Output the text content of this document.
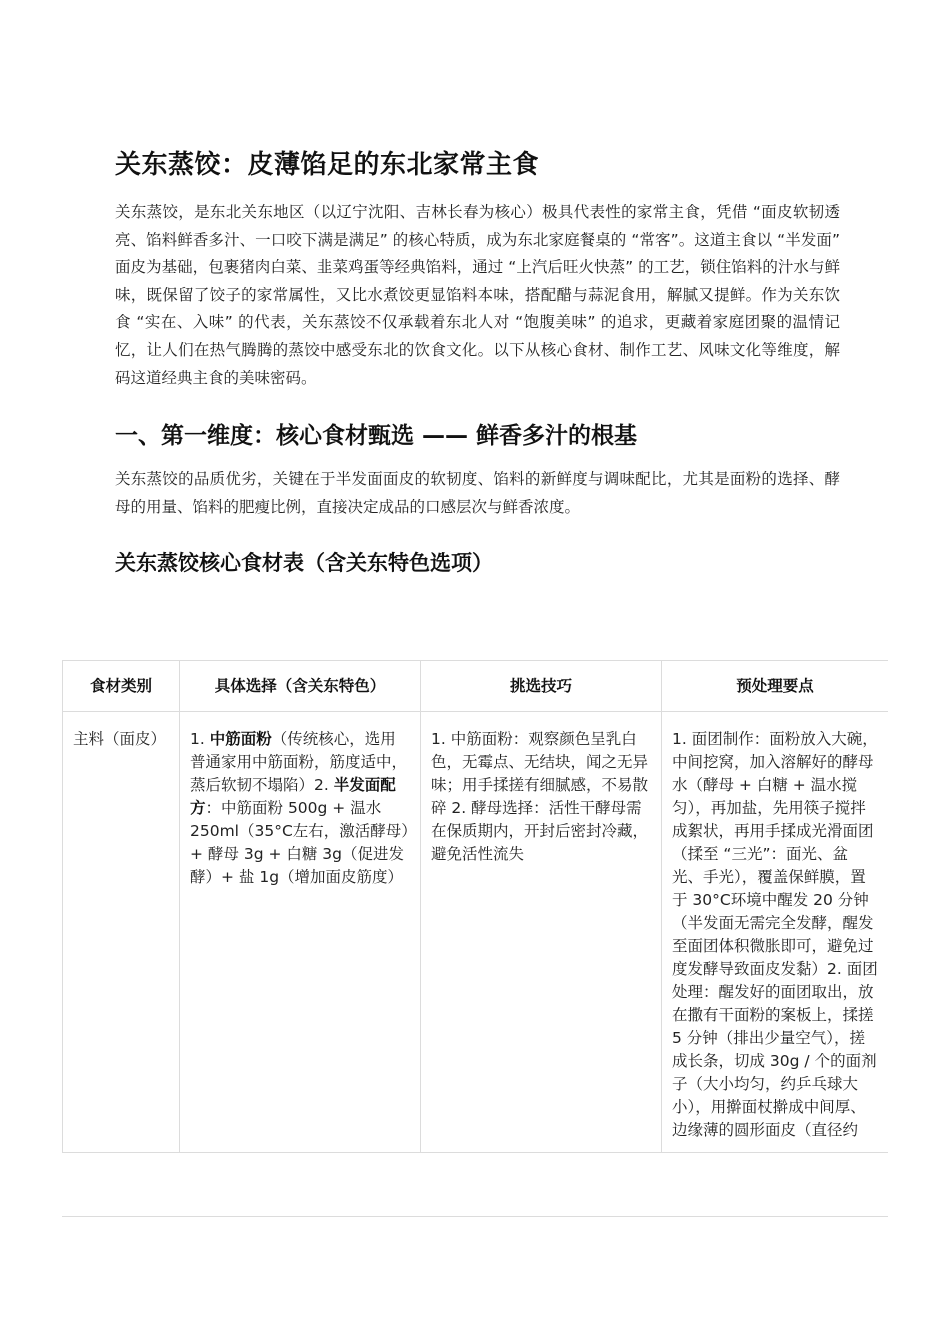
关东蒸饺：皮薄馅足的东北家常主食

关东蒸饺，是东北关东地区（以辽宁沈阳、吉林长春为核心）极具代表性的家常主食，凭借 “面皮软韧透亮、馅料鲜香多汁、一口咬下满是满足” 的核心特质，成为东北家庭餐桌的 “常客”。这道主食以 “半发面” 面皮为基础，包裹猪肉白菜、韭菜鸡蛋等经典馅料，通过 “上汽后旺火快蒸” 的工艺，锁住馅料的汁水与鲜味，既保留了饺子的家常属性，又比水煮饺更显馅料本味，搭配醋与蒜泥食用，解腻又提鲜。作为关东饮食 “实在、入味” 的代表，关东蒸饺不仅承载着东北人对 “饱腹美味” 的追求，更藏着家庭团聚的温情记忆，让人们在热气腾腾的蒸饺中感受东北的饮食文化。以下从核心食材、制作工艺、风味文化等维度，解码这道经典主食的美味密码。

一、第一维度：核心食材甄选 —— 鲜香多汁的根基

关东蒸饺的品质优劣，关键在于半发面面皮的软韧度、馅料的新鲜度与调味配比，尤其是面粉的选择、酵母的用量、馅料的肥瘦比例，直接决定成品的口感层次与鲜香浓度。

关东蒸饺核心食材表（含关东特色选项）
食材类别	具体选择（含关东特色）	挑选技巧	预处理要点
主料（面皮）	1. 中筋面粉（传统核心，选用普通家用中筋面粉，筋度适中，蒸后软韧不塌陷）2. 半发面配方：中筋面粉 500g + 温水 250ml（35°C左右，激活酵母）+ 酵母 3g + 白糖 3g（促进发酵）+ 盐 1g（增加面皮筋度）	1. 中筋面粉：观察颜色呈乳白色，无霉点、无结块，闻之无异味；用手揉搓有细腻感，不易散碎 2. 酵母选择：活性干酵母需在保质期内，开封后密封冷藏，避免活性流失	1. 面团制作：面粉放入大碗，中间挖窝，加入溶解好的酵母水（酵母 + 白糖 + 温水搅匀），再加盐，先用筷子搅拌成絮状，再用手揉成光滑面团（揉至 “三光”：面光、盆光、手光），覆盖保鲜膜，置于 30°C环境中醒发 20 分钟（半发面无需完全发酵，醒发至面团体积微胀即可，避免过度发酵导致面皮发黏）2. 面团处理：醒发好的面团取出，放在撒有干面粉的案板上，揉搓 5 分钟（排出少量空气），搓成长条，切成 30g / 个的面剂子（大小均匀，约乒乓球大小），用擀面杖擀成中间厚、边缘薄的圆形面皮（直径约
